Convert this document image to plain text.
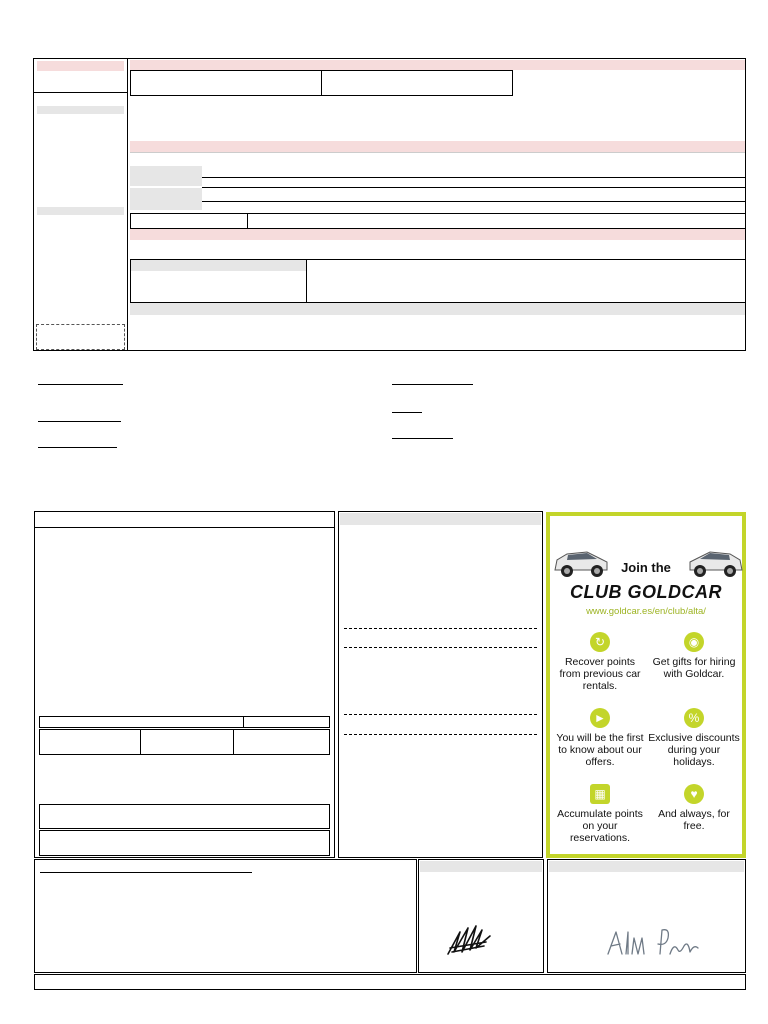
Join the
CLUB GOLDCAR
www.goldcar.es/en/club/alta/
↻
Recover points from previous car rentals.
◉
Get gifts for hiring with Goldcar.
►
You will be the first to know about our offers.
%
Exclusive discounts during your holidays.
▦
Accumulate points on your reservations.
♥
And always, for free.
